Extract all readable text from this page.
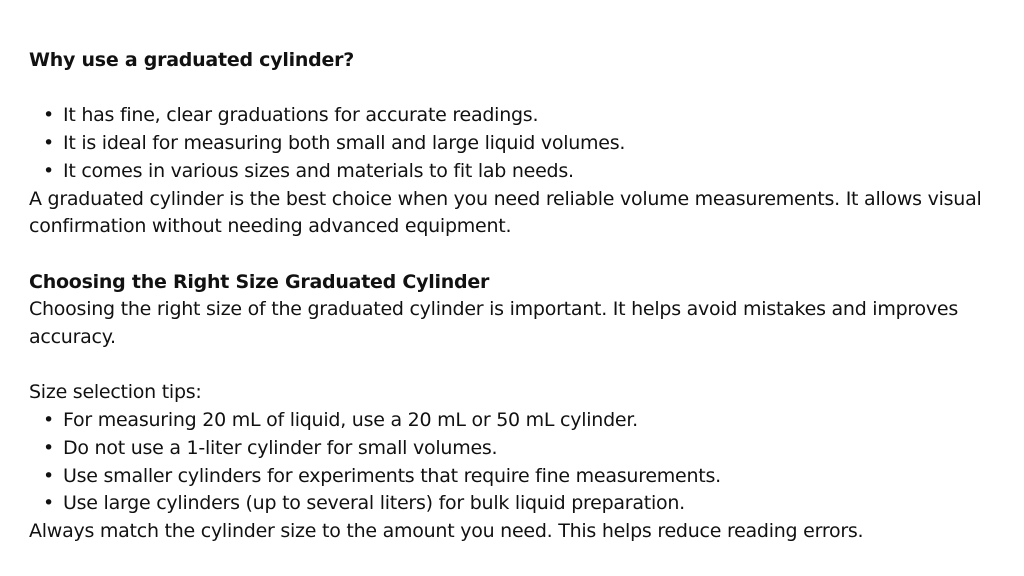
Why use a graduated cylinder?

• It has fine, clear graduations for accurate readings.
• It is ideal for measuring both small and large liquid volumes.
• It comes in various sizes and materials to fit lab needs.

A graduated cylinder is the best choice when you need reliable volume measurements. It allows visual confirmation without needing advanced equipment.

Choosing the Right Size Graduated Cylinder

Choosing the right size of the graduated cylinder is important. It helps avoid mistakes and improves accuracy.

Size selection tips:

• For measuring 20 mL of liquid, use a 20 mL or 50 mL cylinder.
• Do not use a 1-liter cylinder for small volumes.
• Use smaller cylinders for experiments that require fine measurements.
• Use large cylinders (up to several liters) for bulk liquid preparation.

Always match the cylinder size to the amount you need. This helps reduce reading errors.
